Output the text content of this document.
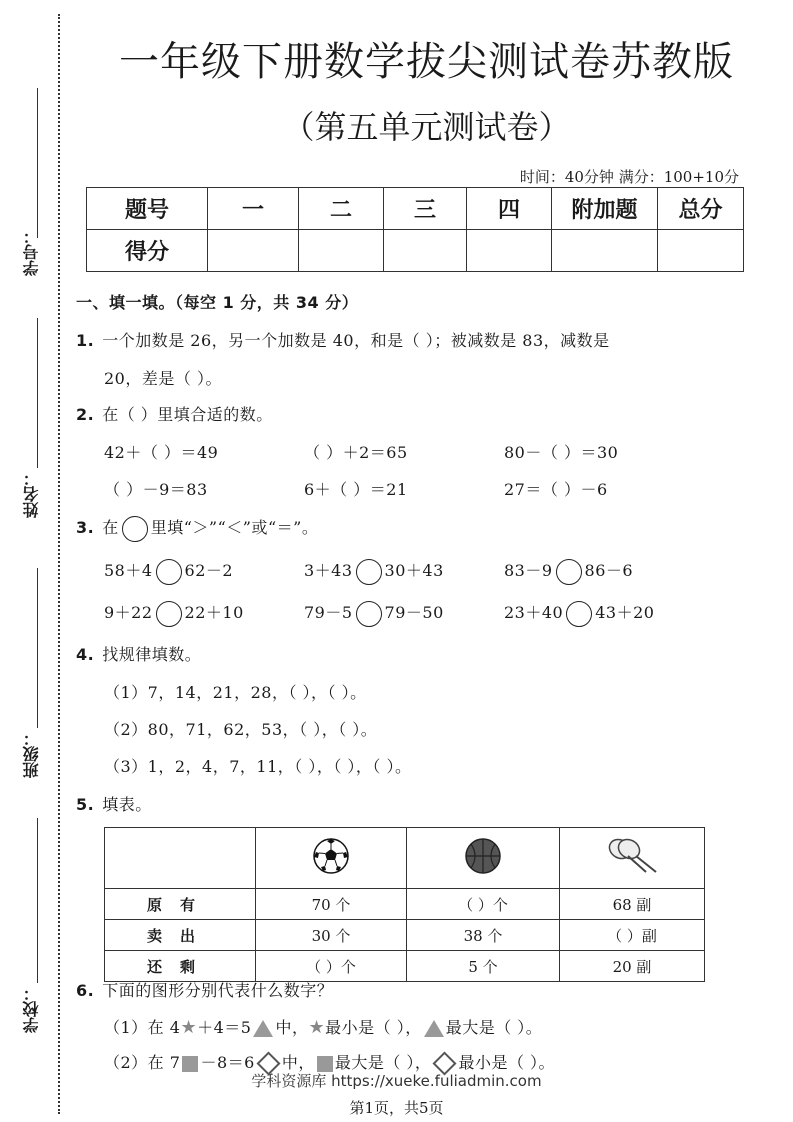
学号：
姓名：
班级：
学校：
一年级下册数学拔尖测试卷苏教版
（第五单元测试卷）
时间：40分钟 满分：100+10分
题号	一	二	三	四	附加题	总分
得分						
一、填一填。（每空 1 分，共 34 分）
1. 一个加数是 26，另一个加数是 40，和是（ ）；被减数是 83，减数是
20，差是（ ）。
2. 在（ ）里填合适的数。
42＋（ ）＝49	（ ）＋2＝65	80－（ ）＝30
（ ）－9＝83	6＋（ ）＝21	27＝（ ）－6
3. 在 里填“＞”“＜”或“＝”。
58＋4 62－2	3＋43 30＋43	83－9 86－6
9＋22 22＋10	79－5 79－50	23＋40 43＋20
4. 找规律填数。
（1）7，14，21，28，（ ），（ ）。
（2）80，71，62，53，（ ），（ ）。
（3）1，2，4，7，11，（ ），（ ），（ ）。
5. 填表。

原有	70 个	（ ）个	68 副
卖出	30 个	38 个	（ ）副
还剩	（ ）个	5 个	20 副
6. 下面的图形分别代表什么数字？
（1）在 4★＋4＝5 中，★最小是（ ）， 最大是（ ）。
（2）在 7 －8＝6 中， 最大是（ ）， 最小是（ ）。
学科资源库 https://xueke.fuliadmin.com
第1页，共5页
